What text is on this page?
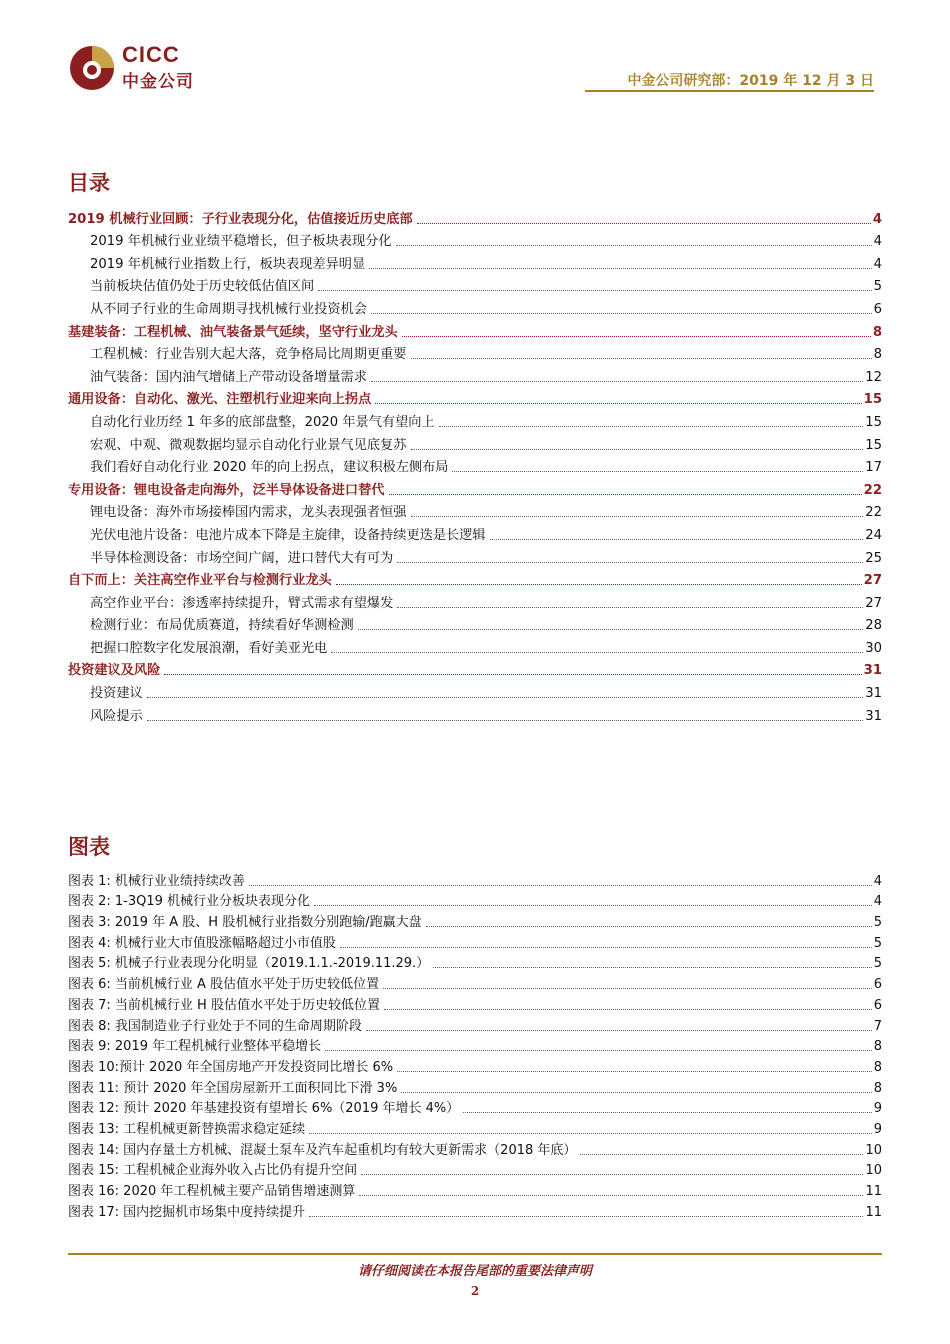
CICC
中金公司	中金公司研究部：2019 年 12 月 3 日
目录
2019 机械行业回顾：子行业表现分化，估值接近历史底部	4
2019 年机械行业业绩平稳增长，但子板块表现分化	4
2019 年机械行业指数上行，板块表现差异明显	4
当前板块估值仍处于历史较低估值区间	5
从不同子行业的生命周期寻找机械行业投资机会	6
基建装备：工程机械、油气装备景气延续，坚守行业龙头	8
工程机械：行业告别大起大落，竞争格局比周期更重要	8
油气装备：国内油气增储上产带动设备增量需求	12
通用设备：自动化、激光、注塑机行业迎来向上拐点	15
自动化行业历经 1 年多的底部盘整，2020 年景气有望向上	15
宏观、中观、微观数据均显示自动化行业景气见底复苏	15
我们看好自动化行业 2020 年的向上拐点，建议积极左侧布局	17
专用设备：锂电设备走向海外，泛半导体设备进口替代	22
锂电设备：海外市场接棒国内需求，龙头表现强者恒强	22
光伏电池片设备：电池片成本下降是主旋律，设备持续更迭是长逻辑	24
半导体检测设备：市场空间广阔，进口替代大有可为	25
自下而上：关注高空作业平台与检测行业龙头	27
高空作业平台：渗透率持续提升，臂式需求有望爆发	27
检测行业：布局优质赛道，持续看好华测检测	28
把握口腔数字化发展浪潮，看好美亚光电	30
投资建议及风险	31
投资建议	31
风险提示	31
图表
图表 1: 机械行业业绩持续改善	4
图表 2: 1-3Q19 机械行业分板块表现分化	4
图表 3: 2019 年 A 股、H 股机械行业指数分别跑输/跑赢大盘	5
图表 4: 机械行业大市值股涨幅略超过小市值股	5
图表 5: 机械子行业表现分化明显（2019.1.1.-2019.11.29.）	5
图表 6: 当前机械行业 A 股估值水平处于历史较低位置	6
图表 7: 当前机械行业 H 股估值水平处于历史较低位置	6
图表 8: 我国制造业子行业处于不同的生命周期阶段	7
图表 9: 2019 年工程机械行业整体平稳增长	8
图表 10:预计 2020 年全国房地产开发投资同比增长 6%	8
图表 11: 预计 2020 年全国房屋新开工面积同比下滑 3%	8
图表 12: 预计 2020 年基建投资有望增长 6%（2019 年增长 4%）	9
图表 13: 工程机械更新替换需求稳定延续	9
图表 14: 国内存量土方机械、混凝土泵车及汽车起重机均有较大更新需求（2018 年底）	10
图表 15: 工程机械企业海外收入占比仍有提升空间	10
图表 16: 2020 年工程机械主要产品销售增速测算	11
图表 17: 国内挖掘机市场集中度持续提升	11
请仔细阅读在本报告尾部的重要法律声明
2
